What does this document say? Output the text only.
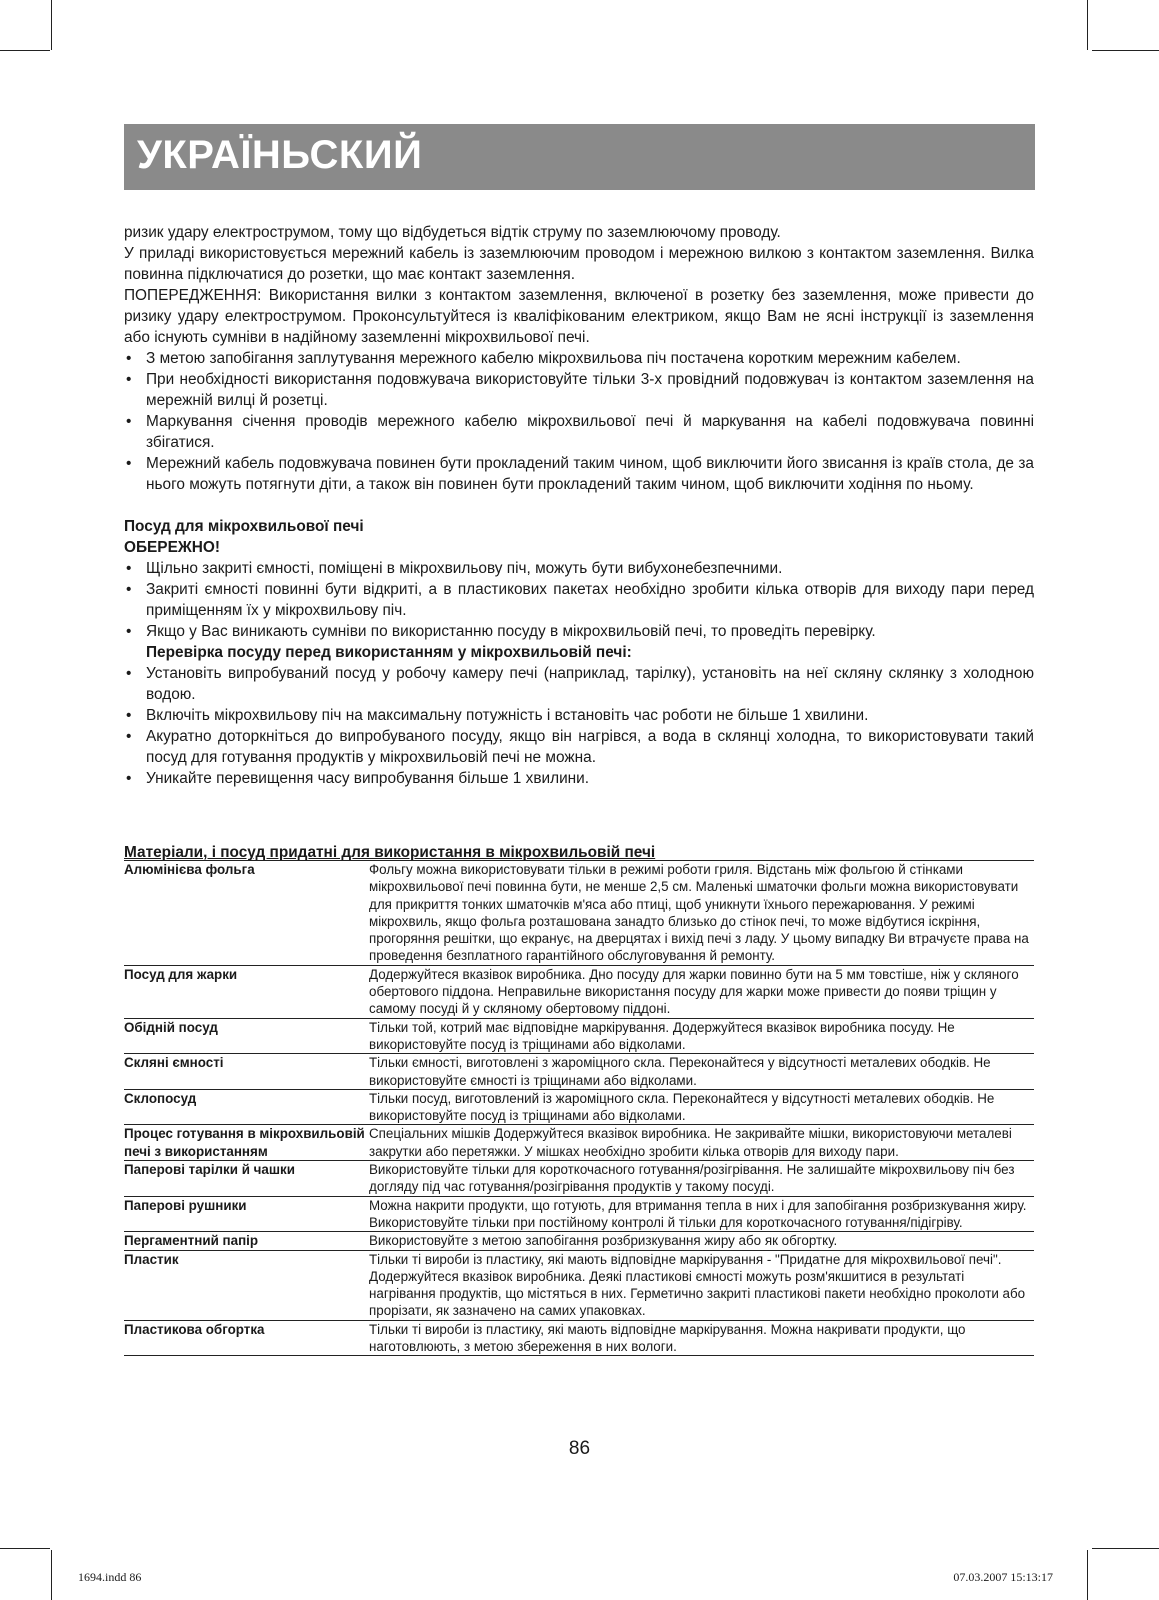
УКРАЇНЬСКИЙ

ризик удару електрострумом, тому що відбудеться відтік струму по заземлюючому проводу.

У приладі використовується мережний кабель із заземлюючим проводом і мережною вилкою з контактом заземлення. Вилка повинна підключатися до розетки, що має контакт заземлення.

ПОПЕРЕДЖЕННЯ: Використання вилки з контактом заземлення, включеної в розетку без заземлення, може привести до ризику удару електрострумом. Проконсультуйтеся із кваліфікованим електриком, якщо Вам не ясні інструкції із заземлення або існують сумніви в надійному заземленні мікрохвильової печі.

• З метою запобігання заплутування мережного кабелю мікрохвильова піч постачена коротким мережним кабелем.
• При необхідності використання подовжувача використовуйте тільки 3-х провідний подовжувач із контактом заземлення на мережній вилці й розетці.
• Маркування січення проводів мережного кабелю мікрохвильової печі й маркування на кабелі подовжувача повинні збігатися.
• Мережний кабель подовжувача повинен бути прокладений таким чином, щоб виключити його звисання із країв стола, де за нього можуть потягнути діти, а також він повинен бути прокладений таким чином, щоб виключити ходіння по ньому.

Посуд для мікрохвильової печі

ОБЕРЕЖНО!

• Щільно закриті ємності, поміщені в мікрохвильову піч, можуть бути вибухонебезпечними.
• Закриті ємності повинні бути відкриті, а в пластикових пакетах необхідно зробити кілька отворів для виходу пари перед приміщенням їх у мікрохвильову піч.
• Якщо у Вас виникають сумніви по використанню посуду в мікрохвильовій печі, то проведіть перевірку.
Перевірка посуду перед використанням у мікрохвильовій печі:
• Установіть випробуваний посуд у робочу камеру печі (наприклад, тарілку), установіть на неї скляну склянку з холодною водою.
• Включіть мікрохвильову піч на максимальну потужність і встановіть час роботи не більше 1 хвилини.
• Акуратно доторкніться до випробуваного посуду, якщо він нагрівся, а вода в склянці холодна, то використовувати такий посуд для готування продуктів у мікрохвильовій печі не можна.
• Уникайте перевищення часу випробування більше 1 хвилини.
Матеріали, і посуд придатні для використання в мікрохвильовій печі
Алюмінієва фольга	Фольгу можна використовувати тільки в режимі роботи гриля. Відстань між фольгою й стінками мікрохвильової печі повинна бути, не менше 2,5 см. Маленькі шматочки фольги можна використовувати для прикриття тонких шматочків м'яса або птиці, щоб уникнути їхнього пережарювання. У режимі мікрохвиль, якщо фольга розташована занадто близько до стінок печі, то може відбутися іскріння, прогоряння решітки, що екранує, на дверцятах і вихід печі з ладу. У цьому випадку Ви втрачуєте права на проведення безплатного гарантійного обслуговування й ремонту.
Посуд для жарки	Додержуйтеся вказівок виробника. Дно посуду для жарки повинно бути на 5 мм товстіше, ніж у скляного обертового піддона. Неправильне використання посуду для жарки може привести до появи тріщин у самому посуді й у скляному обертовому піддоні.
Обідній посуд	Тільки той, котрий має відповідне маркірування. Додержуйтеся вказівок виробника посуду. Не використовуйте посуд із тріщинами або відколами.
Скляні ємності	Тільки ємності, виготовлені з жароміцного скла. Переконайтеся у відсутності металевих ободків. Не використовуйте ємності із тріщинами або відколами.
Склопосуд	Тільки посуд, виготовлений із жароміцного скла. Переконайтеся у відсутності металевих ободків. Не використовуйте посуд із тріщинами або відколами.
Процес готування в мікрохвильовій печі з використанням	Спеціальних мішків Додержуйтеся вказівок виробника. Не закривайте мішки, використовуючи металеві закрутки або перетяжки. У мішках необхідно зробити кілька отворів для виходу пари.
Паперові тарілки й чашки	Використовуйте тільки для короткочасного готування/розігрівання. Не залишайте мікрохвильову піч без догляду під час готування/розігрівання продуктів у такому посуді.
Паперові рушники	Можна накрити продукти, що готують, для втримання тепла в них і для запобігання розбризкування жиру. Використовуйте тільки при постійному контролі й тільки для короткочасного готування/підігріву.
Пергаментний папір	Використовуйте з метою запобігання розбризкування жиру або як обгортку.
Пластик	Тільки ті вироби із пластику, які мають відповідне маркірування - "Придатне для мікрохвильової печі". Додержуйтеся вказівок виробника. Деякі пластикові ємності можуть розм'якшитися в результаті нагрівання продуктів, що містяться в них. Герметично закриті пластикові пакети необхідно проколоти або прорізати, як зазначено на самих упаковках.
Пластикова обгортка	Тільки ті вироби із пластику, які мають відповідне маркірування. Можна накривати продукти, що наготовлюють, з метою збереження в них вологи.
86
1694.indd 86	07.03.2007 15:13:17
